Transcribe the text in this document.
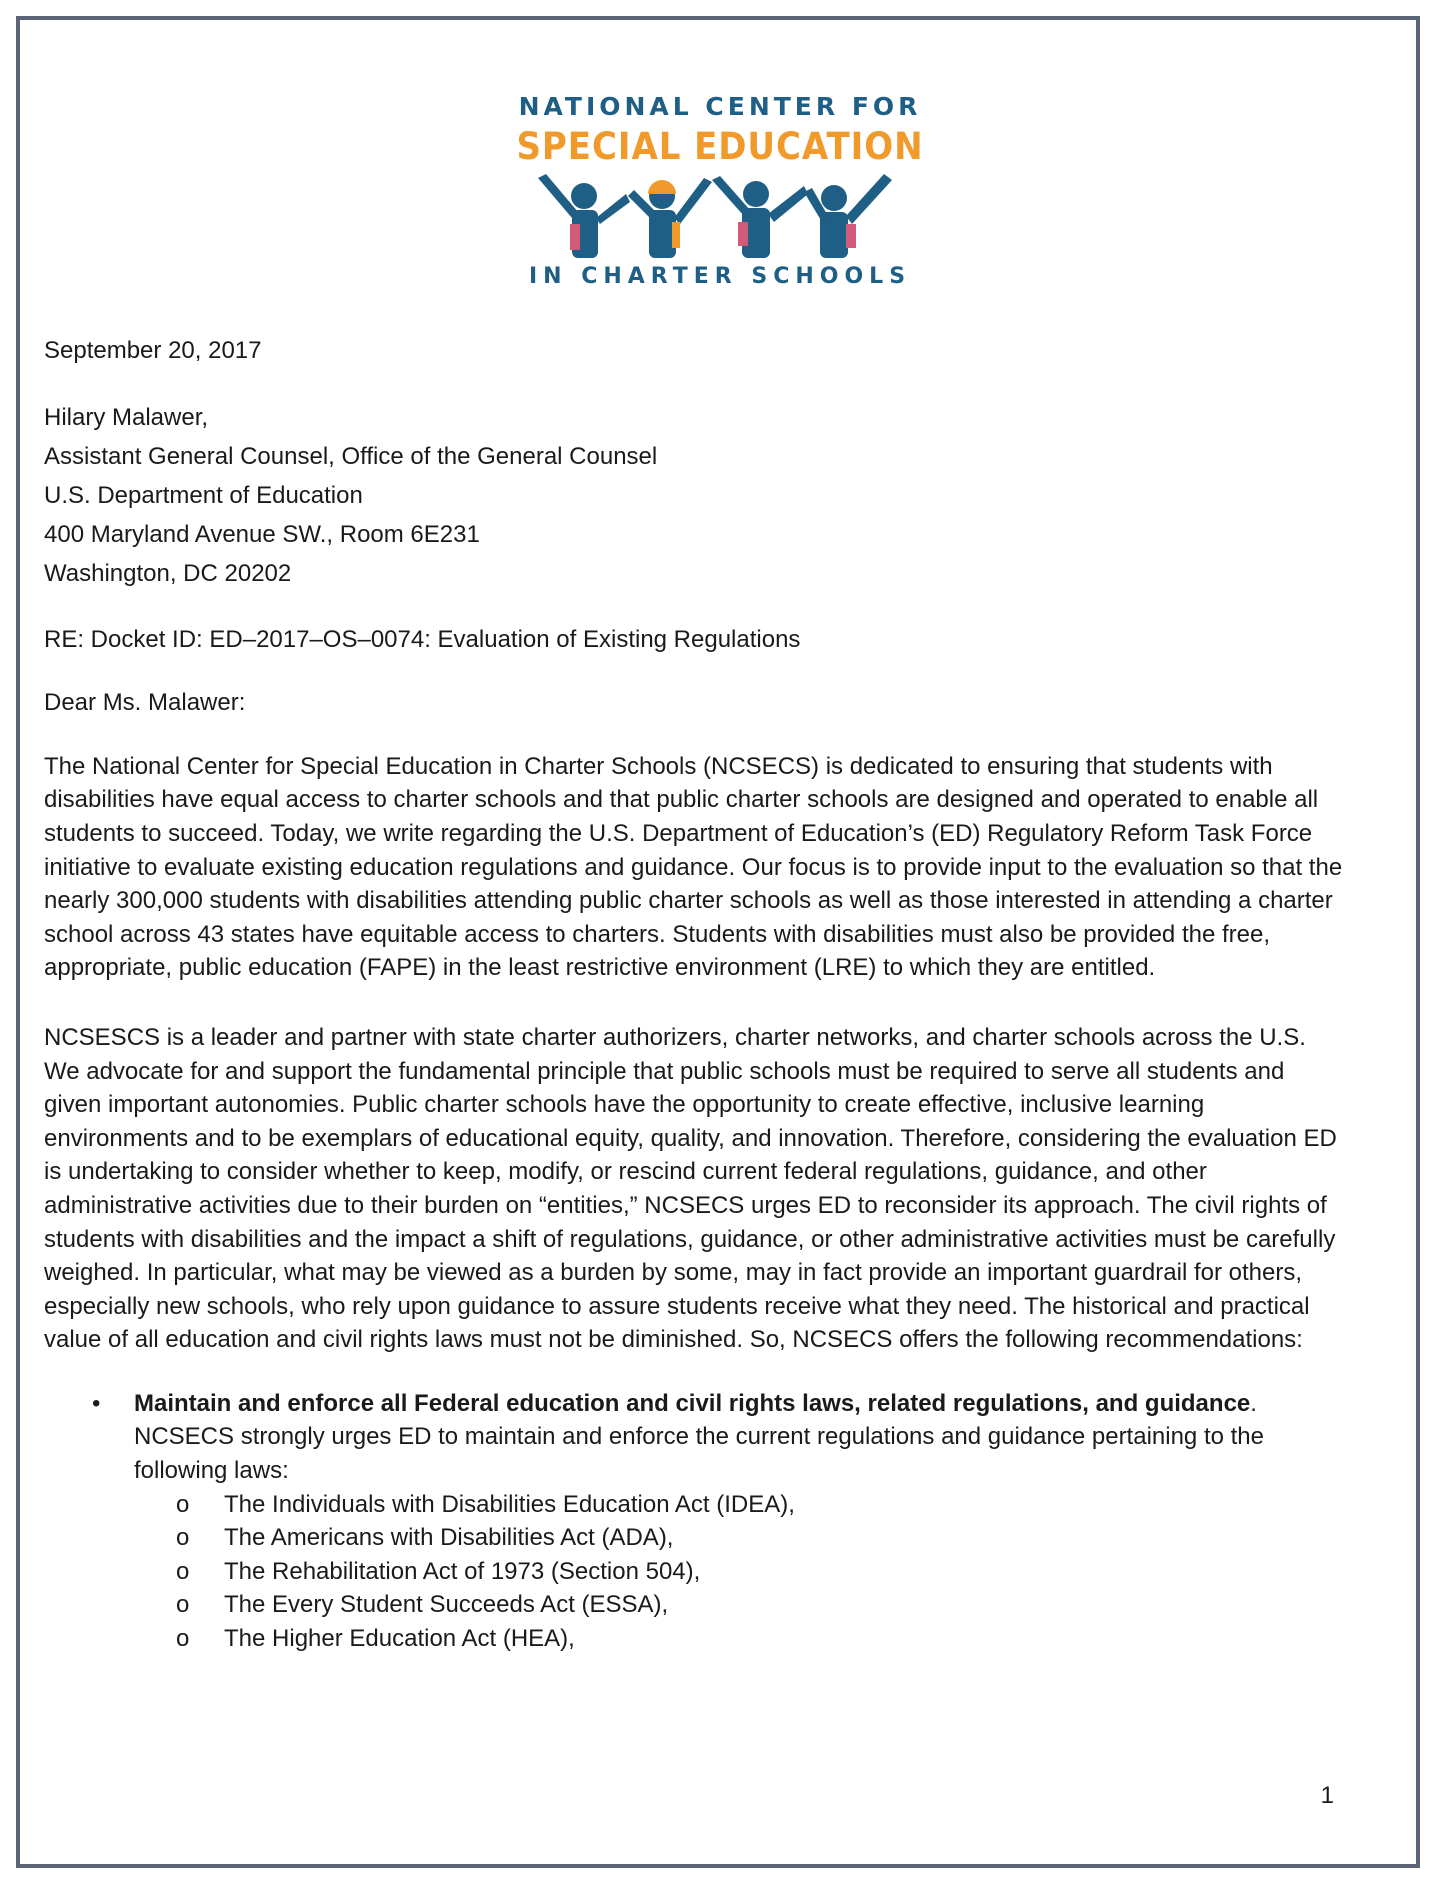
NATIONAL CENTER FOR
SPECIAL EDUCATION
IN CHARTER SCHOOLS

September 20, 2017

Hilary Malawer,
Assistant General Counsel, Office of the General Counsel
U.S. Department of Education
400 Maryland Avenue SW., Room 6E231
Washington, DC 20202

RE: Docket ID: ED–2017–OS–0074: Evaluation of Existing Regulations

Dear Ms. Malawer:

The National Center for Special Education in Charter Schools (NCSECS) is dedicated to ensuring that students with disabilities have equal access to charter schools and that public charter schools are designed and operated to enable all students to succeed. Today, we write regarding the U.S. Department of Education’s (ED) Regulatory Reform Task Force initiative to evaluate existing education regulations and guidance. Our focus is to provide input to the evaluation so that the nearly 300,000 students with disabilities attending public charter schools as well as those interested in attending a charter school across 43 states have equitable access to charters. Students with disabilities must also be provided the free, appropriate, public education (FAPE) in the least restrictive environment (LRE) to which they are entitled.

NCSESCS is a leader and partner with state charter authorizers, charter networks, and charter schools across the U.S. We advocate for and support the fundamental principle that public schools must be required to serve all students and given important autonomies. Public charter schools have the opportunity to create effective, inclusive learning environments and to be exemplars of educational equity, quality, and innovation. Therefore, considering the evaluation ED is undertaking to consider whether to keep, modify, or rescind current federal regulations, guidance, and other administrative activities due to their burden on “entities,” NCSECS urges ED to reconsider its approach. The civil rights of students with disabilities and the impact a shift of regulations, guidance, or other administrative activities must be carefully weighed. In particular, what may be viewed as a burden by some, may in fact provide an important guardrail for others, especially new schools, who rely upon guidance to assure students receive what they need. The historical and practical value of all education and civil rights laws must not be diminished. So, NCSECS offers the following recommendations:

• Maintain and enforce all Federal education and civil rights laws, related regulations, and guidance. NCSECS strongly urges ED to maintain and enforce the current regulations and guidance pertaining to the following laws:
o The Individuals with Disabilities Education Act (IDEA),
o The Americans with Disabilities Act (ADA),
o The Rehabilitation Act of 1973 (Section 504),
o The Every Student Succeeds Act (ESSA),
o The Higher Education Act (HEA),
1
